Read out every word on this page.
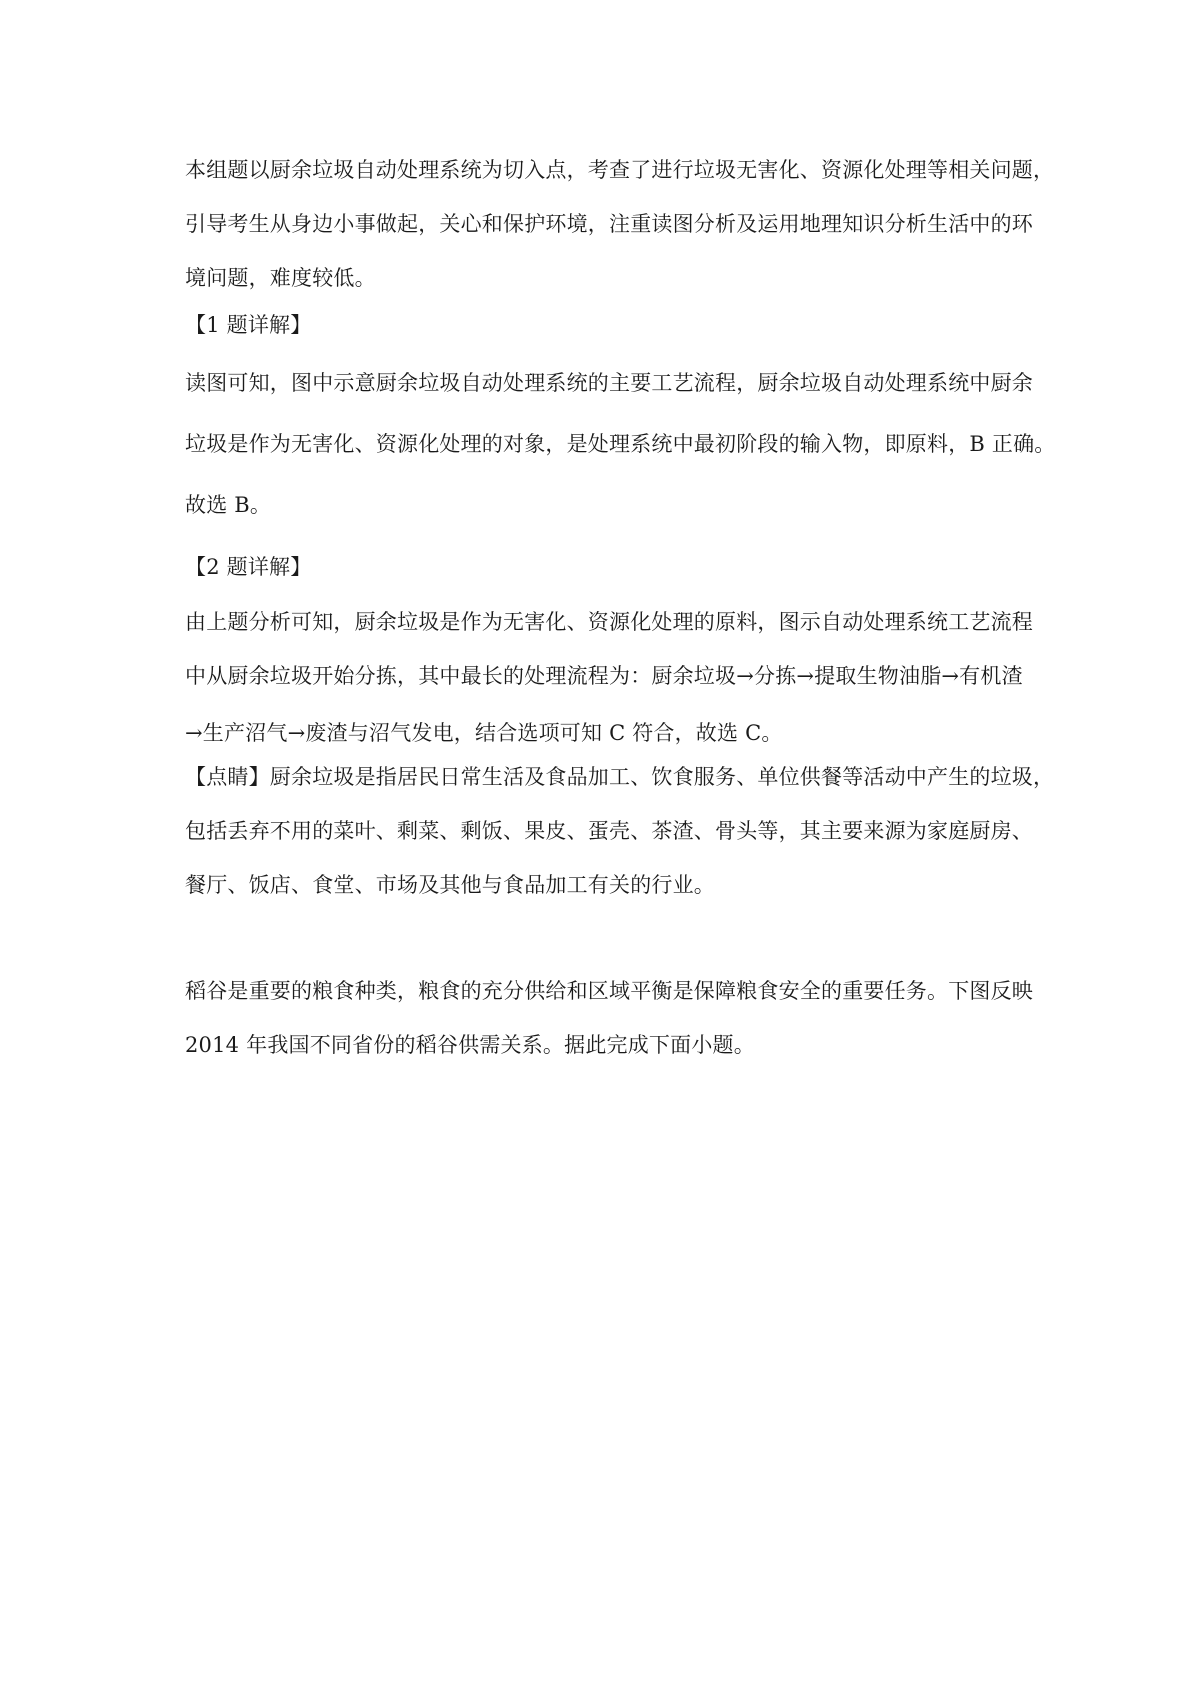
本组题以厨余垃圾自动处理系统为切入点，考查了进行垃圾无害化、资源化处理等相关问题，
引导考生从身边小事做起，关心和保护环境，注重读图分析及运用地理知识分析生活中的环
境问题，难度较低。
【1 题详解】
读图可知，图中示意厨余垃圾自动处理系统的主要工艺流程，厨余垃圾自动处理系统中厨余
垃圾是作为无害化、资源化处理的对象，是处理系统中最初阶段的输入物，即原料，B 正确。
故选 B。
【2 题详解】
由上题分析可知，厨余垃圾是作为无害化、资源化处理的原料，图示自动处理系统工艺流程
中从厨余垃圾开始分拣，其中最长的处理流程为：厨余垃圾→分拣→提取生物油脂→有机渣
→生产沼气→废渣与沼气发电，结合选项可知 C 符合，故选 C。
【点睛】厨余垃圾是指居民日常生活及食品加工、饮食服务、单位供餐等活动中产生的垃圾，
包括丢弃不用的菜叶、剩菜、剩饭、果皮、蛋壳、茶渣、骨头等，其主要来源为家庭厨房、
餐厅、饭店、食堂、市场及其他与食品加工有关的行业。
稻谷是重要的粮食种类，粮食的充分供给和区域平衡是保障粮食安全的重要任务。下图反映
2014 年我国不同省份的稻谷供需关系。据此完成下面小题。
